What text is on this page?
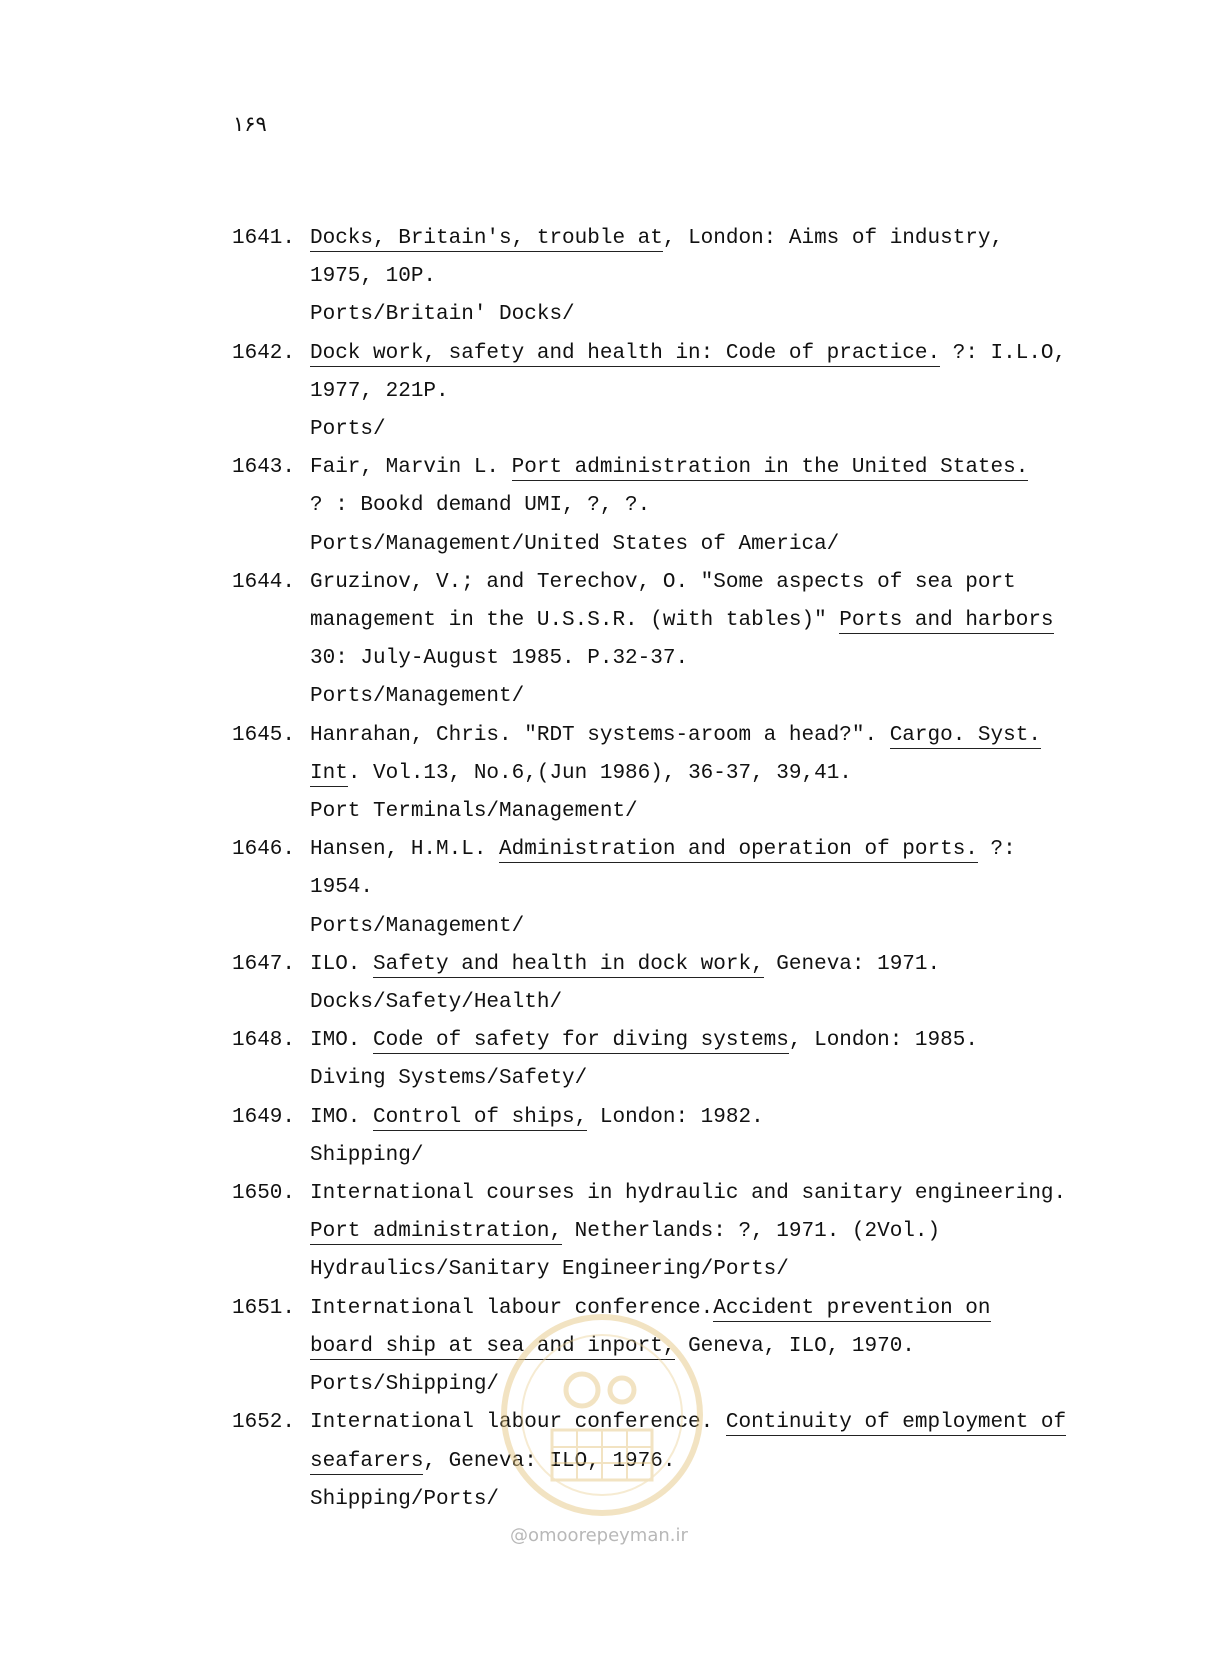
۱۶۹
1641. Docks, Britain's, trouble at, London: Aims of industry,
1975, 10P.
Ports/Britain' Docks/
1642. Dock work, safety and health in: Code of practice. ?: I.L.O,
1977, 221P.
Ports/
1643. Fair, Marvin L. Port administration in the United States.
? : Bookd demand UMI, ?, ?.
Ports/Management/United States of America/
1644. Gruzinov, V.; and Terechov, O. "Some aspects of sea port
management in the U.S.S.R. (with tables)" Ports and harbors
30: July-August 1985. P.32-37.
Ports/Management/
1645. Hanrahan, Chris. "RDT systems-aroom a head?". Cargo. Syst.
Int. Vol.13, No.6,(Jun 1986), 36-37, 39,41.
Port Terminals/Management/
1646. Hansen, H.M.L. Administration and operation of ports. ?:
1954.
Ports/Management/
1647. ILO. Safety and health in dock work, Geneva: 1971.
Docks/Safety/Health/
1648. IMO. Code of safety for diving systems, London: 1985.
Diving Systems/Safety/
1649. IMO. Control of ships, London: 1982.
Shipping/
1650. International courses in hydraulic and sanitary engineering.
Port administration, Netherlands: ?, 1971. (2Vol.)
Hydraulics/Sanitary Engineering/Ports/
1651. International labour conference.Accident prevention on
board ship at sea and inport, Geneva, ILO, 1970.
Ports/Shipping/
1652. International labour conference. Continuity of employment of
seafarers, Geneva: ILO, 1976.
Shipping/Ports/
@omoorepeyman.ir
